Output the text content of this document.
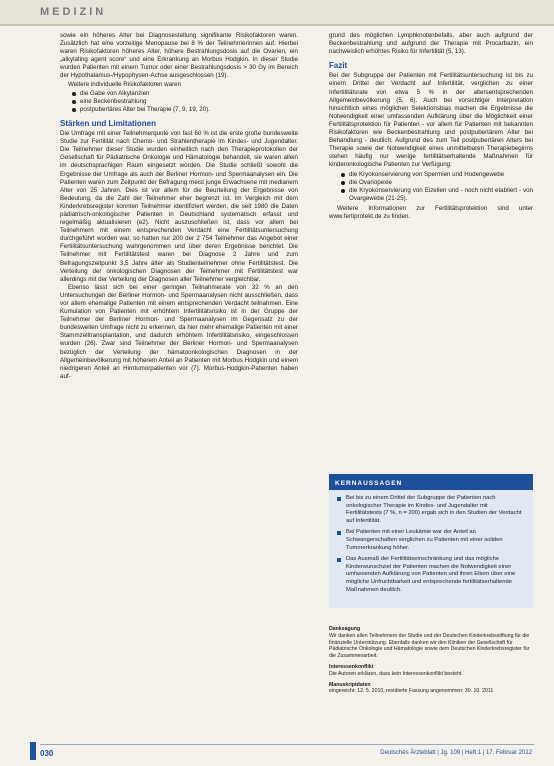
MEDIZIN

sowie ein höheres Alter bei Diagnosestellung signifikante Risikofaktoren waren. Zusätzlich hat eine vorzeitige Menopause bei 8 % der Teilnehmerinnen auf. Hierbei waren Risikofaktoren höheres Alter, höhere Bestrahlungsdosis auf die Ovarien, ein „alkylating agent score“ und eine Erkrankung an Morbus Hodgkin. In dieser Studie wurden Patienten mit einem Tumor oder einer Bestrahlungsdosis > 30 Gy im Bereich der Hypothalamus-/Hypophysen-Achse ausgeschlossen (19).

Weitere individuelle Risikofaktoren waren

die Gabe von Alkylanzien
eine Beckenbestrahlung
postpubertäres Alter bei Therapie (7, 9, 19, 20).
Stärken und Limitationen

Die Umfrage mit einer Teilnehmerquote von fast 60 % ist die erste große bundesweite Studie zur Fertilität nach Chemo- und Strahlentherapie im Kindes- und Jugendalter. Die Teilnehmer dieser Studie wurden einheitlich nach den Therapieprotokollen der Gesellschaft für Pädiatrische Onkologie und Hämatologie behandelt, sie waren allein im deutschsprachigen Raum eingesetzt worden. Die Studie schließt sowohl die Ergebnisse der Umfrage als auch der Berliner Hormon- und Spermaanalysen ein. Die Patienten waren zum Zeitpunkt der Befragung meist junge Erwachsene mit medianem Alter von 25 Jahren. Dies ist vor allem für die Beurteilung der Ergebnisse von Bedeutung, da die Zahl der Teilnehmer eher begrenzt ist. Im Vergleich mit dem Kinderkrebsregister konnten Teilnehmer identifiziert werden, die seit 1980 die Daten pädiatrisch-onkologischer Patienten in Deutschland systematisch erfasst und regelmäßig aktualisieren (e2). Nicht auszuschließen ist, dass vor allem bei Teilnehmern mit einem entsprechenden Verdacht eine Fertilitätsuntersuchung durchgeführt worden war, so hatten nur 200 der 2 754 Teilnehmer das Angebot einer Fertilitätsuntersuchung wahrgenommen und über deren Ergebnisse berichtet. Die Teilnehmer mit Fertilitätstest waren bei Diagnose 2 Jahre und zum Befragungszeitpunkt 3,5 Jahre älter als Studienteilnehmer ohne Fertilitätstest. Die Verteilung der onkologischen Diagnosen der Teilnehmer mit Fertilitätstest war allerdings mit der Verteilung der Diagnosen aller Teilnehmer vergleichbar.

Ebenso lässt sich bei einer geringen Teilnahmerate von 32 % an den Untersuchungen der Berliner Hormon- und Spermaanalysen nicht ausschließen, dass vor allem ehemalige Patienten mit einem entsprechenden Verdacht teilnahmen. Eine Kumulation von Patienten mit erhöhtem Infertilitätsrisiko ist in der Gruppe der Teilnehmer der Berliner Hormon- und Spermaanalysen im Gegensatz zu der bundesweiten Umfrage nicht zu erkennen, da hier mehr ehemalige Patienten mit einer Stammzelltransplantation, und dadurch erhöhtem Infertilitätsrisiko, eingeschlossen wurden (26). Zwar sind Teilnehmer der Berliner Hormon- und Spermaanalysen bezüglich der Verteilung der hämatoonkologischen Diagnosen in der Allgemeinbevölkerung mit höherem Anteil an Patienten mit Morbus Hodgkin und einem niedrigeren Anteil an Hirntumorpatienten vor (7). Morbus-Hodgkin-Patienten haben auf-

grund des möglichen Lymphknotenbefalls, aber auch aufgrund der Beckenbestrahlung und aufgrund der Therapie mit Procarbazin, ein nachweislich erhöhtes Risiko für Infertilität (5, 13).

Fazit

Bei der Subgruppe der Patienten mit Fertilitätsuntersuchung ist bis zu einem Drittel der Verdacht auf Infertilität, verglichen zu einer Infertilitätsrate von etwa 5 % in der altersentsprechenden Allgemeinbevölkerung (5, 6). Auch bei vorsichtiger Interpretation hinsichtlich eines möglichen Selektionsbias machen die Ergebnisse die Notwendigkeit einer umfassenden Aufklärung über die Möglichkeit einer Fertilitätsprotektion für Patienten - vor allem für Patienten mit bekannten Risikofaktoren wie Beckenbestrahlung und postpubertärem Alter bei Behandlung - deutlich. Aufgrund des zum Teil postpubertären Alters bei Therapie sowie der Notwendigkeit eines unmittelbaren Therapiebeginns stehen häufig nur wenige fertilitätserhaltende Maßnahmen für kinderonkologische Patienten zur Verfügung:

die Kryokonservierung von Spermien und Hodengewebe
die Ovariopexie
die Kryokonservierung von Eizellen und - noch nicht etabliert - von Ovargewebe (21-25).

Weitere Informationen zur Fertilitätsprotektion sind unter www.fertiprotekt.de zu finden.

KERNAUSSAGEN
Bei bis zu einem Drittel der Subgruppe der Patienten nach onkologischer Therapie im Kindes- und Jugendalter mit Fertilitätstests (7 %, n = 200) ergab sich in den Studien der Verdacht auf Infertilität.
Bei Patienten mit einer Leukämie war der Anteil an Schwangerschaften verglichen zu Patienten mit einer soliden Tumorerkrankung höher.
Das Ausmaß der Fertilitätseinschränkung und das mögliche Kinderwunschziel der Patienten machen die Notwendigkeit einer umfassenden Aufklärung von Patienten und ihren Eltern über eine mögliche Unfruchtbarkeit und entsprechende fertilitätserhaltende Maßnahmen deutlich.
Danksagung
Wir danken allen Teilnehmern der Studie und der Deutschen Kinderkrebsstiftung für die finanzielle Unterstützung. Ebenfalls danken wir den Kliniken der Gesellschaft für Pädiatrische Onkologie und Hämatologie sowie dem Deutschen Kinderkrebsregister für die Zusammenarbeit.
Interessenkonflikt
Die Autoren erklären, dass kein Interessenkonflikt besteht.
Manuskriptdaten
eingereicht: 12. 5. 2010, revidierte Fassung angenommen: 30. 10. 2011
030	Deutsches Ärzteblatt | Jg. 109 | Heft 1 | 17. Februar 2012
